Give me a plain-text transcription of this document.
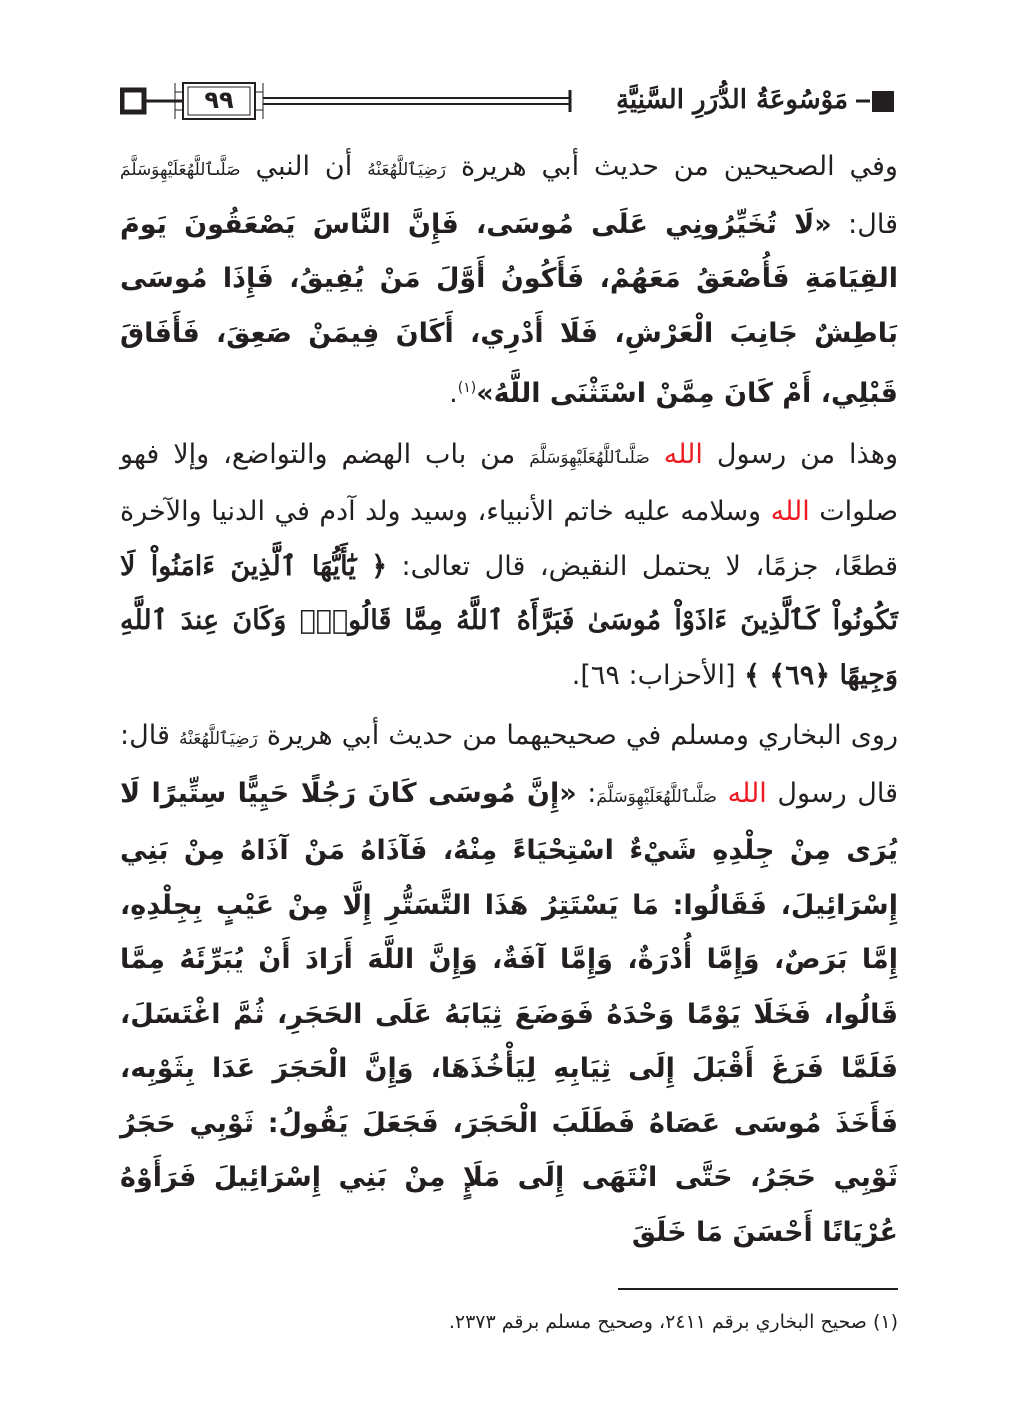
٩٩	مَوْسُوعَةُ الدُّرَرِ السَّنِيَّةِ

وفي الصحيحين من حديث أبي هريرة رَضِيَٱللَّهُعَنْهُ أن النبي صَلَّىٱللَّهُعَلَيْهِوَسَلَّمَ قال: «لَا تُخَيِّرُونِي عَلَى مُوسَى، فَإِنَّ النَّاسَ يَصْعَقُونَ يَومَ القِيَامَةِ فَأُصْعَقُ مَعَهُمْ، فَأَكُونُ أَوَّلَ مَنْ يُفِيقُ، فَإِذَا مُوسَى بَاطِشٌ جَانِبَ الْعَرْشِ، فَلَا أَدْرِي، أَكَانَ فِيمَنْ صَعِقَ، فَأَفَاقَ قَبْلِي، أَمْ كَانَ مِمَّنْ اسْتَثْنَى اللَّهُ»$^{(١)}$.

وهذا من رسول الله صَلَّىٱللَّهُعَلَيْهِوَسَلَّمَ من باب الهضم والتواضع، وإلا فهو صلوات الله وسلامه عليه خاتم الأنبياء، وسيد ولد آدم في الدنيا والآخرة قطعًا، جزمًا، لا يحتمل النقيض، قال تعالى: ﴿ يَٰٓأَيُّهَا ٱلَّذِينَ ءَامَنُواْ لَا تَكُونُواْ كَٱلَّذِينَ ءَاذَوْاْ مُوسَىٰ فَبَرَّأَهُ ٱللَّهُ مِمَّا قَالُواْۚ وَكَانَ عِندَ ٱللَّهِ وَجِيهًا ﴿٦٩﴾ ﴾ [الأحزاب: ٦٩].

روى البخاري ومسلم في صحيحيهما من حديث أبي هريرة رَضِيَٱللَّهُعَنْهُ قال: قال رسول الله صَلَّىٱللَّهُعَلَيْهِوَسَلَّمَ: «إِنَّ مُوسَى كَانَ رَجُلًا حَيِيًّا سِتِّيرًا لَا يُرَى مِنْ جِلْدِهِ شَيْءٌ اسْتِحْيَاءً مِنْهُ، فَآذَاهُ مَنْ آذَاهُ مِنْ بَنِي إِسْرَائِيلَ، فَقَالُوا: مَا يَسْتَتِرُ هَذَا التَّسَتُّرِ إِلَّا مِنْ عَيْبٍ بِجِلْدِهِ، إِمَّا بَرَصٌ، وَإِمَّا أُدْرَةٌ، وَإِمَّا آفَةٌ، وَإِنَّ اللَّهَ أَرَادَ أَنْ يُبَرِّئَهُ مِمَّا قَالُوا، فَخَلَا يَوْمًا وَحْدَهُ فَوَضَعَ ثِيَابَهُ عَلَى الحَجَرِ، ثُمَّ اغْتَسَلَ، فَلَمَّا فَرَغَ أَقْبَلَ إِلَى ثِيَابِهِ لِيَأْخُذَهَا، وَإِنَّ الْحَجَرَ عَدَا بِثَوْبِه، فَأَخَذَ مُوسَى عَصَاهُ فَطَلَبَ الْحَجَرَ، فَجَعَلَ يَقُولُ: ثَوْبِي حَجَرُ ثَوْبِي حَجَرُ، حَتَّى انْتَهَى إِلَى مَلَإٍ مِنْ بَنِي إِسْرَائِيلَ فَرَأَوْهُ عُرْيَانًا أَحْسَنَ مَا خَلَقَ

(١) صحيح البخاري برقم ٢٤١١، وصحيح مسلم برقم ٢٣٧٣.
